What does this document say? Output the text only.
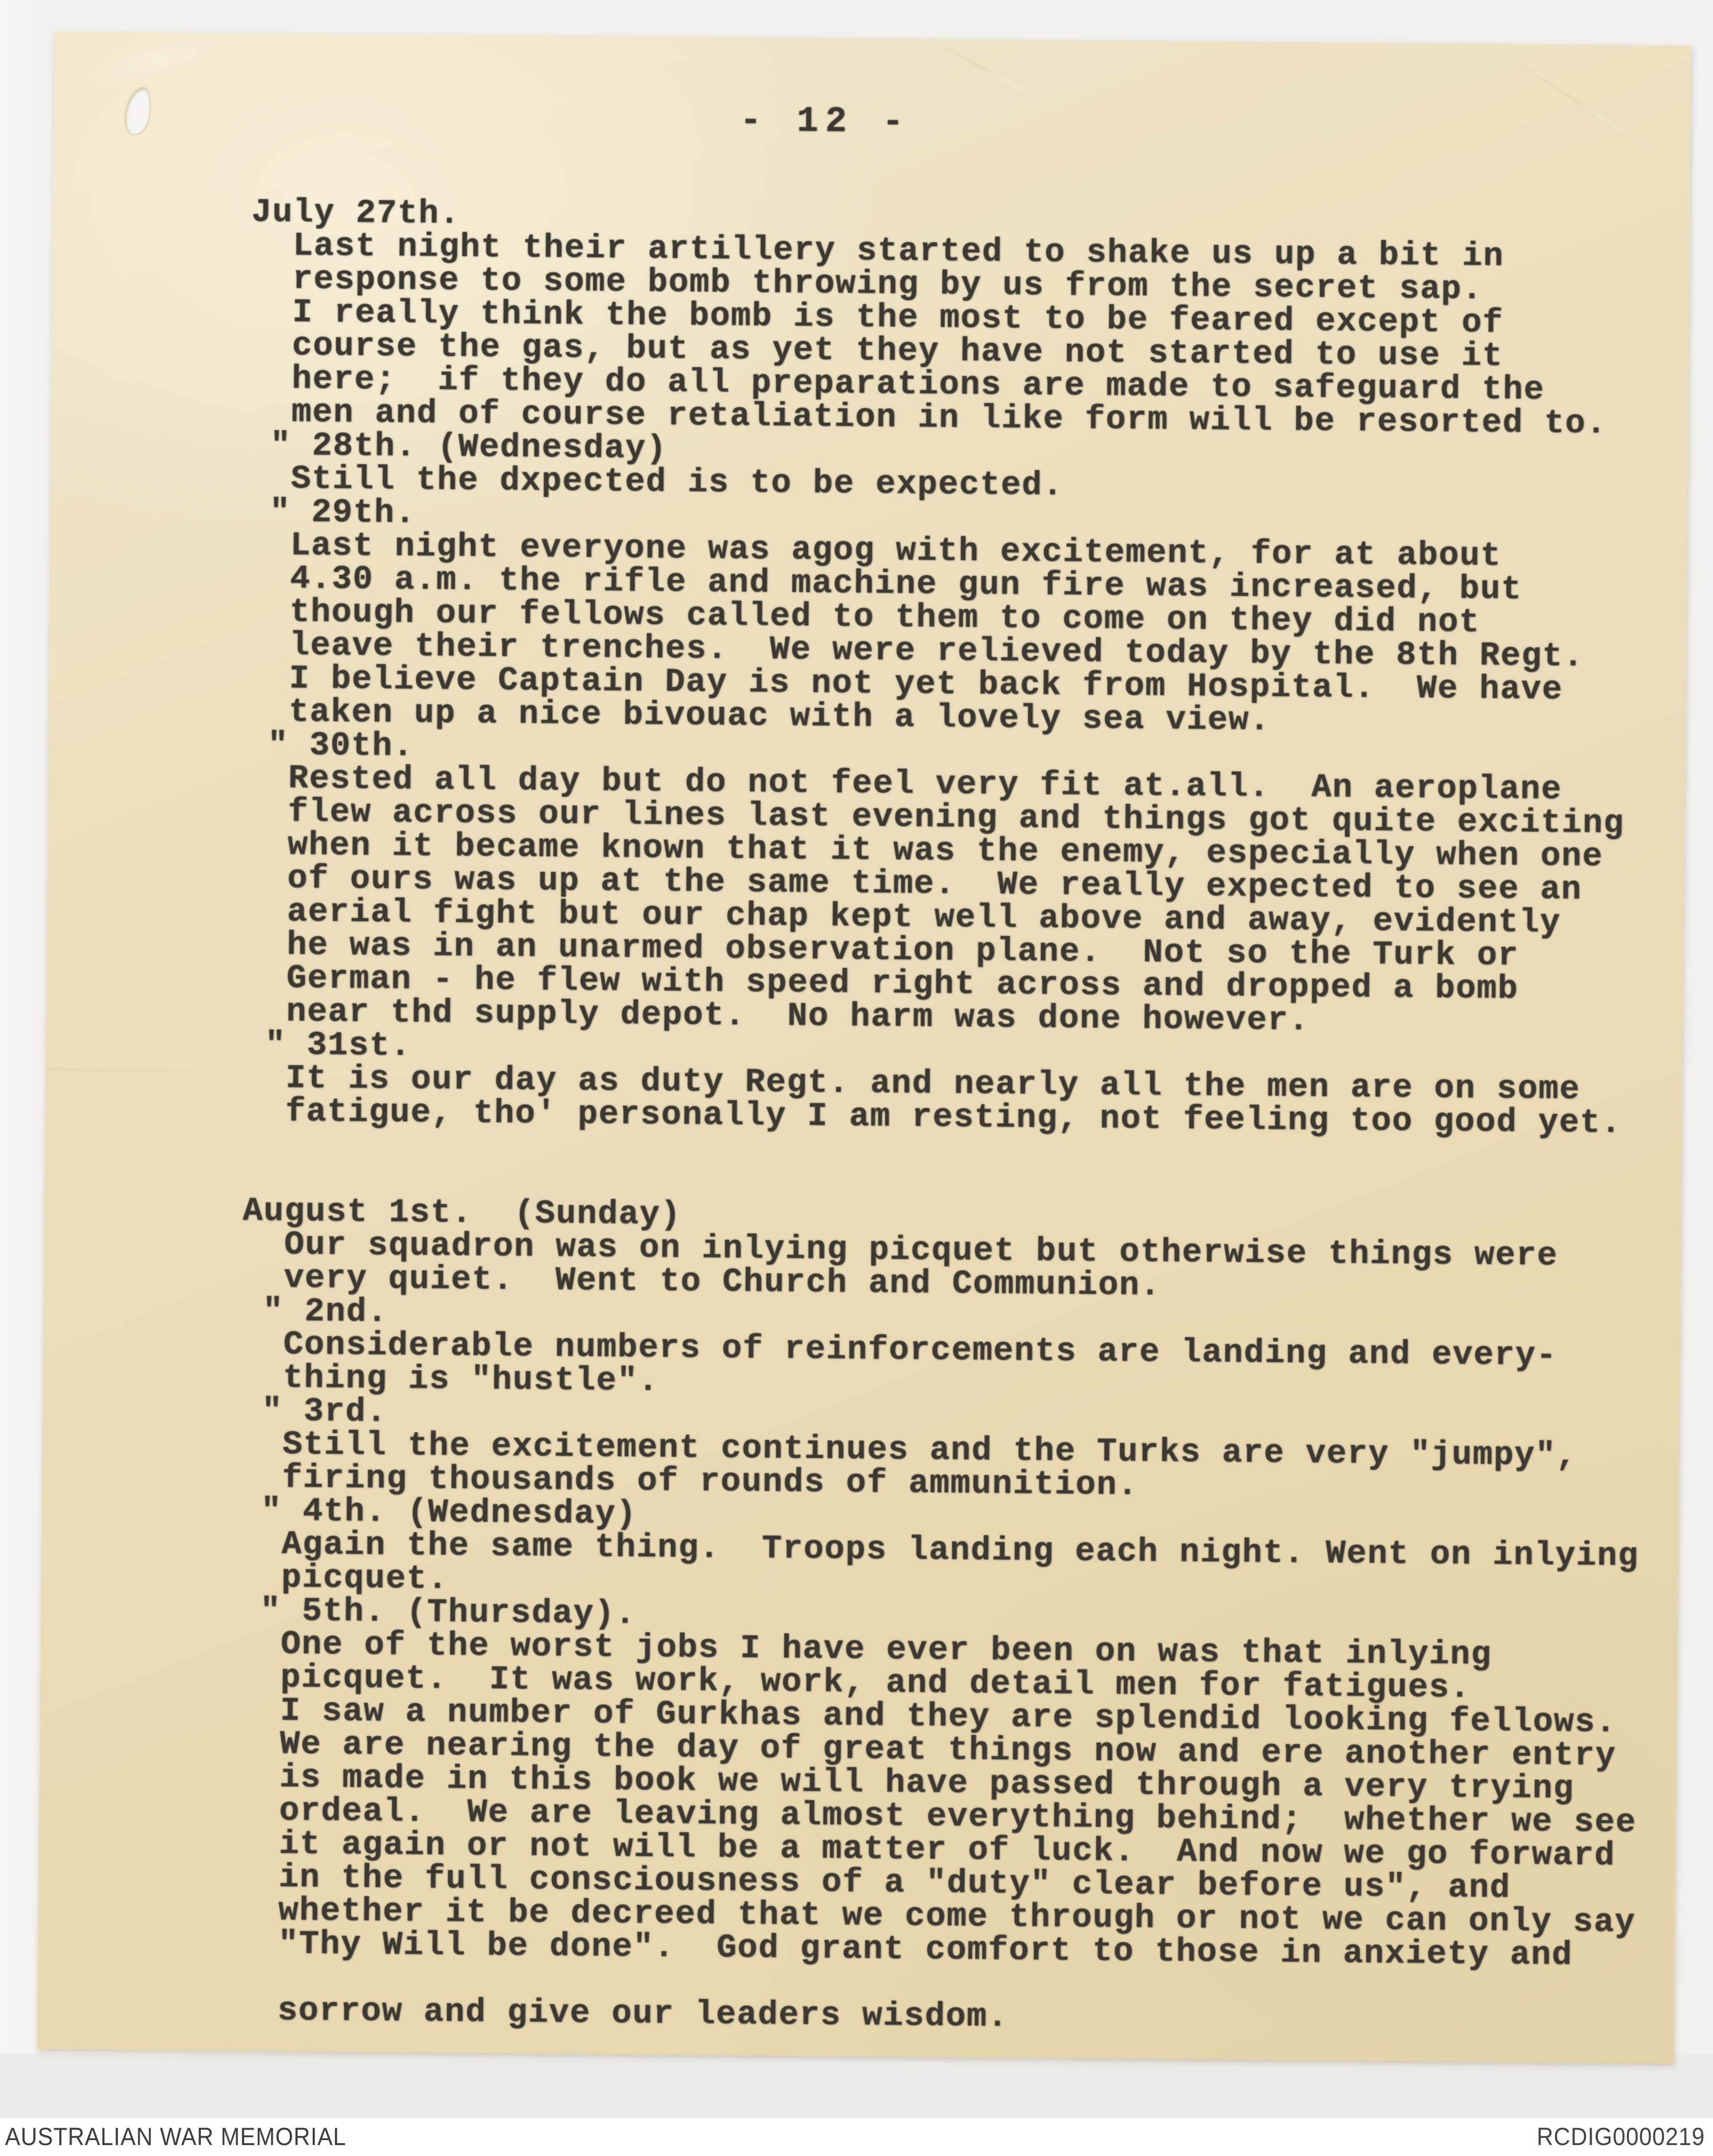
- 12 -
July 27th.
Last night their artillery started to shake us up a bit in
response to some bomb throwing by us from the secret sap.
I really think the bomb is the most to be feared except of
course the gas, but as yet they have not started to use it
here;  if they do all preparations are made to safeguard the
men and of course retaliation in like form will be resorted to.
" 28th. (Wednesday)
Still the dxpected is to be expected.
" 29th.
Last night everyone was agog with excitement, for at about
4.30 a.m. the rifle and machine gun fire was increased, but
though our fellows called to them to come on they did not
leave their trenches.  We were relieved today by the 8th Regt.
I believe Captain Day is not yet back from Hospital.  We have
taken up a nice bivouac with a lovely sea view.
" 30th.
Rested all day but do not feel very fit at.all.  An aeroplane
flew across our lines last evening and things got quite exciting
when it became known that it was the enemy, especially when one
of ours was up at the same time.  We really expected to see an
aerial fight but our chap kept well above and away, evidently
he was in an unarmed observation plane.  Not so the Turk or
German - he flew with speed right across and dropped a bomb
near thd supply depot.  No harm was done however.
" 31st.
It is our day as duty Regt. and nearly all the men are on some
fatigue, tho' personally I am resting, not feeling too good yet.

August 1st.  (Sunday)
Our squadron was on inlying picquet but otherwise things were
very quiet.  Went to Church and Communion.
" 2nd.
Considerable numbers of reinforcements are landing and every-
thing is "hustle".
" 3rd.
Still the excitement continues and the Turks are very "jumpy",
firing thousands of rounds of ammunition.
" 4th. (Wednesday)
Again the same thing.  Troops landing each night. Went on inlying
picquet.
" 5th. (Thursday).
One of the worst jobs I have ever been on was that inlying
picquet.  It was work, work, and detail men for fatigues.
I saw a number of Gurkhas and they are splendid looking fellows.
We are nearing the day of great things now and ere another entry
is made in this book we will have passed through a very trying
ordeal.  We are leaving almost everything behind;  whether we see
it again or not will be a matter of luck.  And now we go forward
in the full consciousness of a "duty" clear before us", and
whether it be decreed that we come through or not we can only say
"Thy Will be done".  God grant comfort to those in anxiety and

sorrow and give our leaders wisdom.
AUSTRALIAN WAR MEMORIAL	RCDIG0000219
